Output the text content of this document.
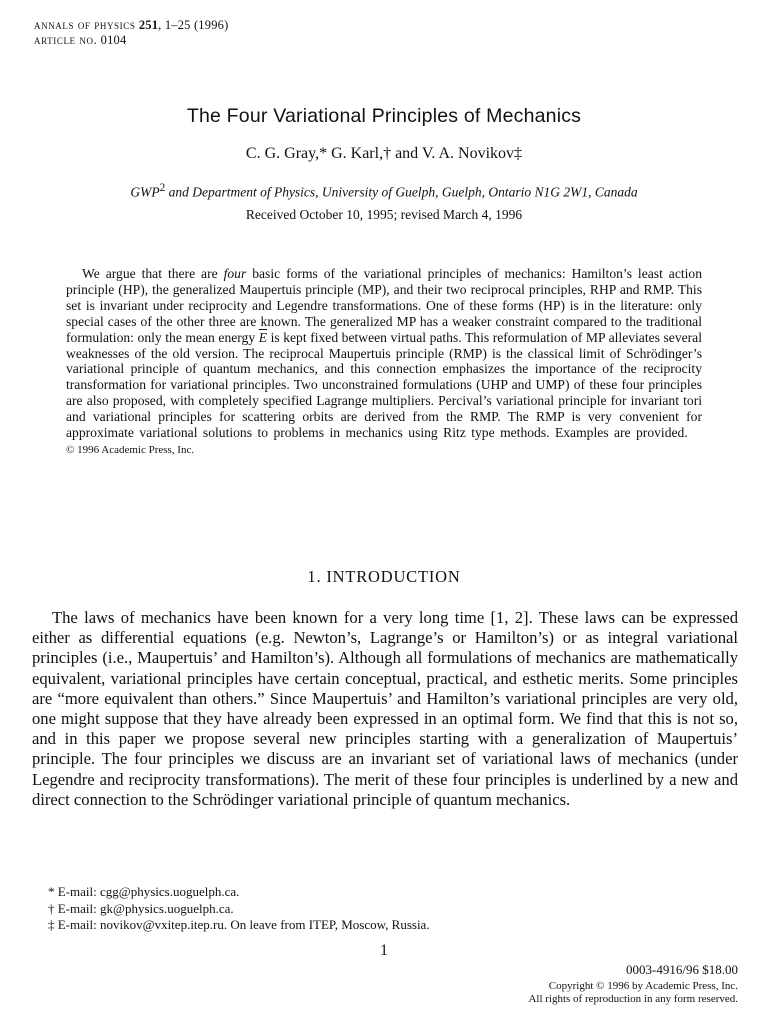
annals of physics 251, 1–25 (1996)
article no. 0104
The Four Variational Principles of Mechanics
C. G. Gray,* G. Karl,† and V. A. Novikov‡
GWP$^2$ and Department of Physics, University of Guelph, Guelph, Ontario N1G 2W1, Canada
Received October 10, 1995; revised March 4, 1996

We argue that there are four basic forms of the variational principles of mechanics: Hamilton’s least action principle (HP), the generalized Maupertuis principle (MP), and their two reciprocal principles, RHP and RMP. This set is invariant under reciprocity and Legendre transformations. One of these forms (HP) is in the literature: only special cases of the other three are known. The generalized MP has a weaker constraint compared to the traditional formulation: only the mean energy $\overline{E}$ is kept fixed between virtual paths. This reformulation of MP alleviates several weaknesses of the old version. The reciprocal Maupertuis principle (RMP) is the classical limit of Schrödinger’s variational principle of quantum mechanics, and this connection emphasizes the importance of the reciprocity transformation for variational principles. Two unconstrained formulations (UHP and UMP) of these four principles are also proposed, with completely specified Lagrange multipliers. Percival’s variational principle for invariant tori and variational principles for scattering orbits are derived from the RMP. The RMP is very convenient for approximate variational solutions to problems in mechanics using Ritz type methods. Examples are provided.    © 1996 Academic Press, Inc.

1. INTRODUCTION

The laws of mechanics have been known for a very long time [1, 2]. These laws can be expressed either as differential equations (e.g. Newton’s, Lagrange’s or Hamilton’s) or as integral variational principles (i.e., Maupertuis’ and Hamilton’s). Although all formulations of mechanics are mathematically equivalent, variational principles have certain conceptual, practical, and esthetic merits. Some principles are “more equivalent than others.” Since Maupertuis’ and Hamilton’s variational principles are very old, one might suppose that they have already been expressed in an optimal form. We find that this is not so, and in this paper we propose several new principles starting with a generalization of Maupertuis’ principle. The four principles we discuss are an invariant set of variational laws of mechanics (under Legendre and reciprocity transformations). The merit of these four principles is underlined by a new and direct connection to the Schrödinger variational principle of quantum mechanics.

* E-mail: cgg@physics.uoguelph.ca.
† E-mail: gk@physics.uoguelph.ca.
‡ E-mail: novikov@vxitep.itep.ru. On leave from ITEP, Moscow, Russia.
1
0003-4916/96 $18.00
Copyright © 1996 by Academic Press, Inc.
All rights of reproduction in any form reserved.
